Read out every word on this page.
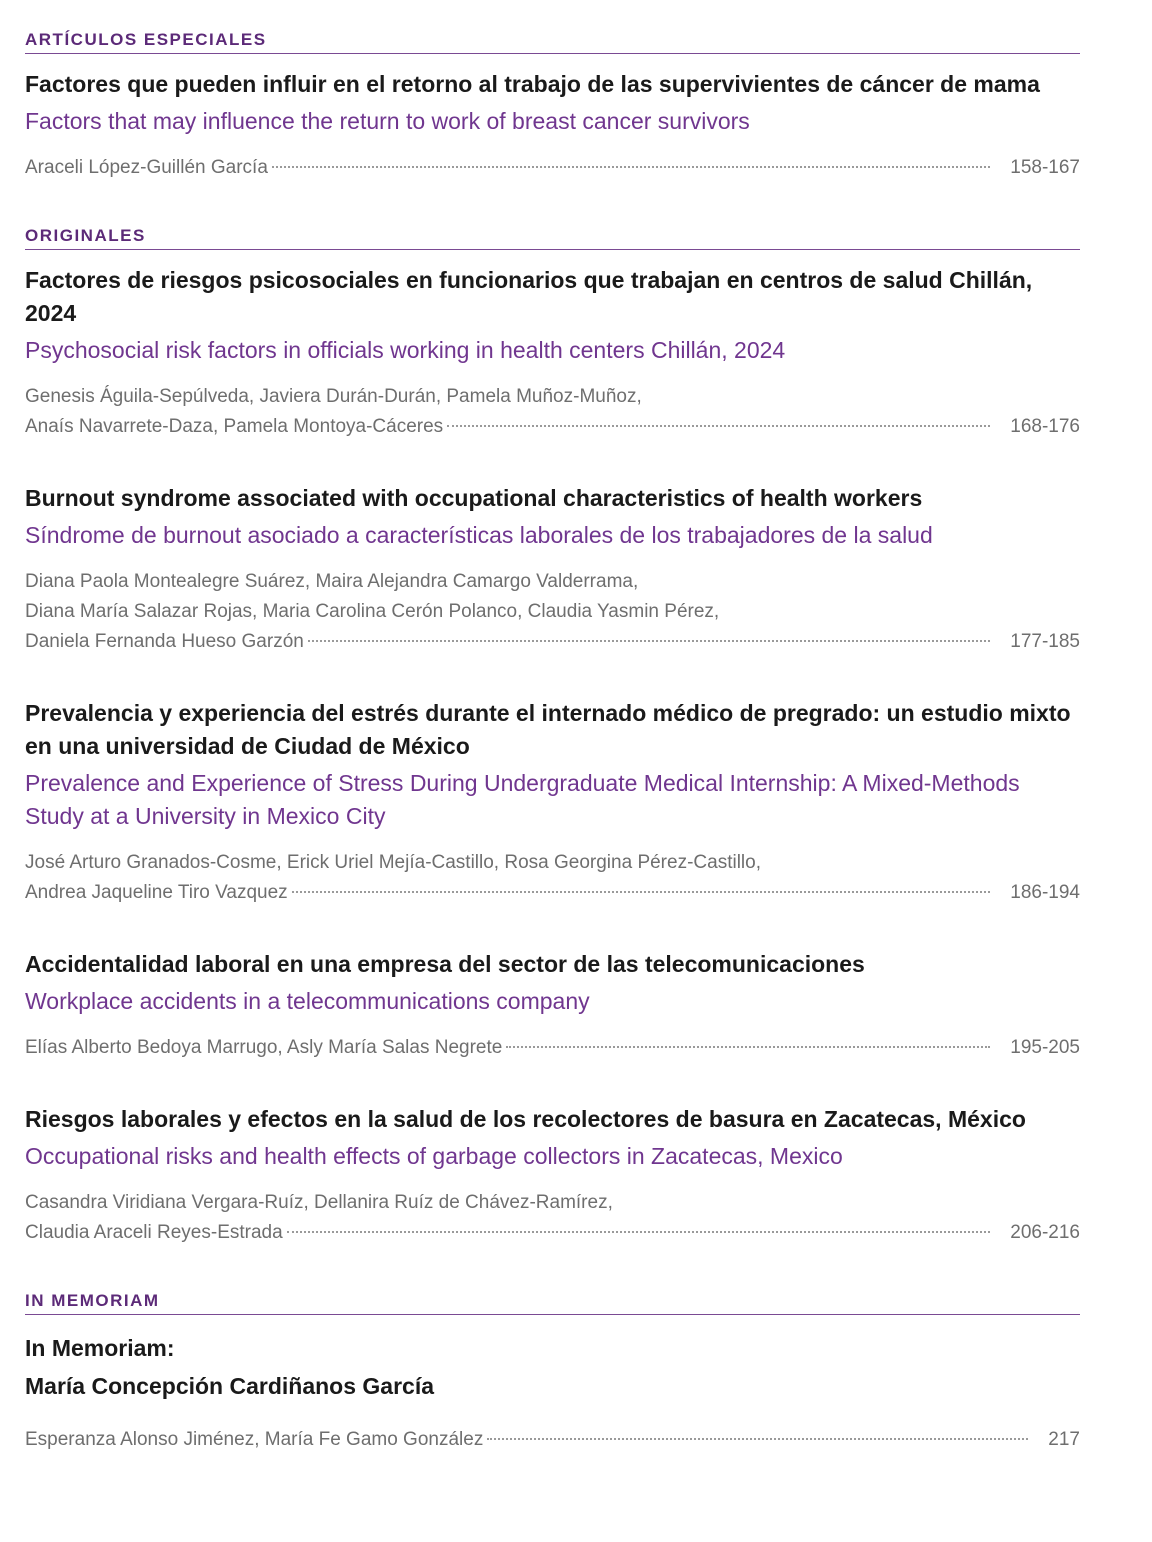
ARTÍCULOS ESPECIALES
Factores que pueden influir en el retorno al trabajo de las supervivientes de cáncer de mama
Factors that may influence the return to work of breast cancer survivors
Araceli López-Guillén García	158-167
ORIGINALES
Factores de riesgos psicosociales en funcionarios que trabajan en centros de salud Chillán, 2024
Psychosocial risk factors in officials working in health centers Chillán, 2024
Genesis Águila-Sepúlveda, Javiera Durán-Durán, Pamela Muñoz-Muñoz,
Anaís Navarrete-Daza, Pamela Montoya-Cáceres	168-176
Burnout syndrome associated with occupational characteristics of health workers
Síndrome de burnout asociado a características laborales de los trabajadores de la salud
Diana Paola Montealegre Suárez, Maira Alejandra Camargo Valderrama,
Diana María Salazar Rojas, Maria Carolina Cerón Polanco, Claudia Yasmin Pérez,
Daniela Fernanda Hueso Garzón	177-185
Prevalencia y experiencia del estrés durante el internado médico de pregrado: un estudio mixto en una universidad de Ciudad de México
Prevalence and Experience of Stress During Undergraduate Medical Internship: A Mixed-Methods Study at a University in Mexico City
José Arturo Granados-Cosme, Erick Uriel Mejía-Castillo, Rosa Georgina Pérez-Castillo,
Andrea Jaqueline Tiro Vazquez	186-194
Accidentalidad laboral en una empresa del sector de las telecomunicaciones
Workplace accidents in a telecommunications company
Elías Alberto Bedoya Marrugo, Asly María Salas Negrete	195-205
Riesgos laborales y efectos en la salud de los recolectores de basura en Zacatecas, México
Occupational risks and health effects of garbage collectors in Zacatecas, Mexico
Casandra Viridiana Vergara-Ruíz, Dellanira Ruíz de Chávez-Ramírez,
Claudia Araceli Reyes-Estrada	206-216
IN MEMORIAM
In Memoriam:
María Concepción Cardiñanos García
Esperanza Alonso Jiménez, María Fe Gamo González	217
